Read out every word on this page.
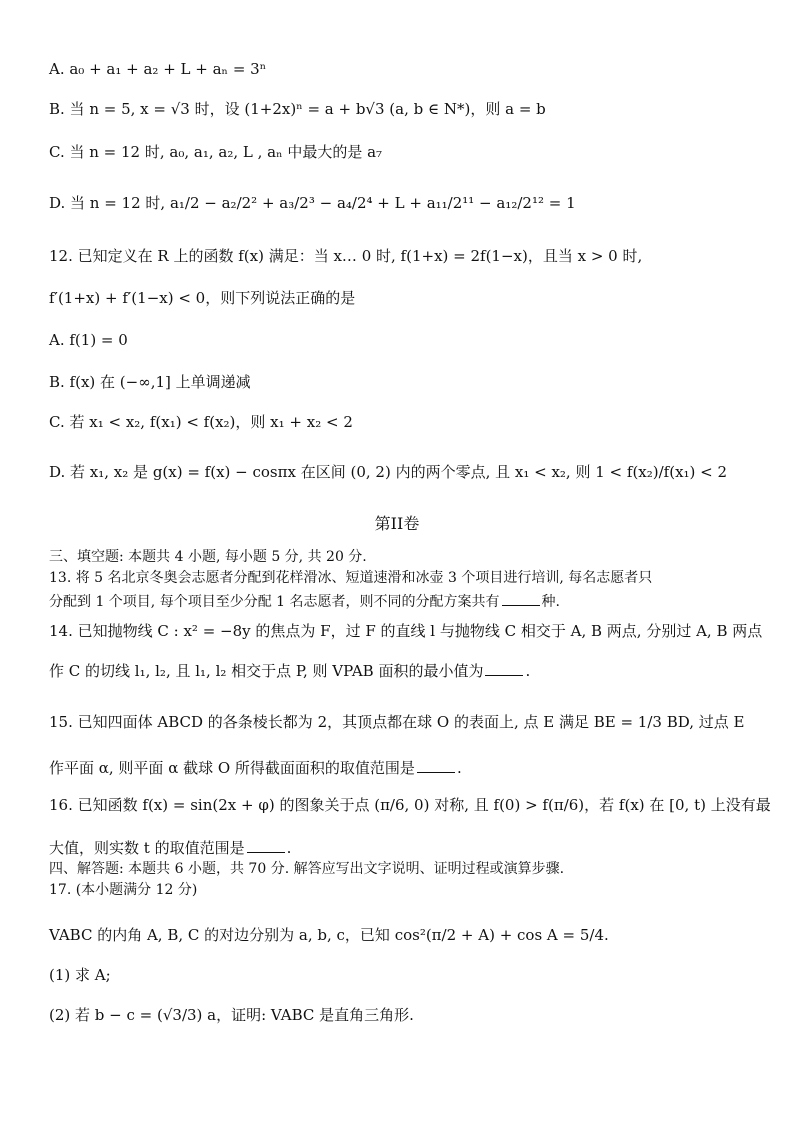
A. a₀ + a₁ + a₂ + L + aₙ = 3ⁿ
B. 当 n = 5, x = √3 时，设 (1+2x)ⁿ = a + b√3 (a, b ∈ N*)，则 a = b
C. 当 n = 12 时, a₀, a₁, a₂, L , aₙ 中最大的是 a₇
D. 当 n = 12 时, a₁/2 − a₂/2² + a₃/2³ − a₄/2⁴ + L + a₁₁/2¹¹ − a₁₂/2¹² = 1
12. 已知定义在 R 上的函数 f(x) 满足：当 x… 0 时, f(1+x) = 2f(1−x)，且当 x > 0 时,
f′(1+x) + f′(1−x) < 0，则下列说法正确的是
A. f(1) = 0
B. f(x) 在 (−∞,1] 上单调递减
C. 若 x₁ < x₂, f(x₁) < f(x₂)，则 x₁ + x₂ < 2
D. 若 x₁, x₂ 是 g(x) = f(x) − cosπx 在区间 (0, 2) 内的两个零点, 且 x₁ < x₂, 则 1 < f(x₂)/f(x₁) < 2
第II卷
三、填空题: 本题共 4 小题, 每小题 5 分, 共 20 分.
13. 将 5 名北京冬奥会志愿者分配到花样滑冰、短道速滑和冰壶 3 个项目进行培训, 每名志愿者只
分配到 1 个项目, 每个项目至少分配 1 名志愿者，则不同的分配方案共有	种.
14. 已知抛物线 C : x² = −8y 的焦点为 F，过 F 的直线 l 与抛物线 C 相交于 A, B 两点, 分别过 A, B 两点
作 C 的切线 l₁, l₂, 且 l₁, l₂ 相交于点 P, 则 VPAB 面积的最小值为	.
15. 已知四面体 ABCD 的各条棱长都为 2，其顶点都在球 O 的表面上, 点 E 满足 BE = 1/3 BD, 过点 E
作平面 α, 则平面 α 截球 O 所得截面面积的取值范围是	.
16. 已知函数 f(x) = sin(2x + φ) 的图象关于点 (π/6, 0) 对称, 且 f(0) > f(π/6)，若 f(x) 在 [0, t) 上没有最
大值，则实数 t 的取值范围是	.
四、解答题: 本题共 6 小题，共 70 分. 解答应写出文字说明、证明过程或演算步骤.
17. (本小题满分 12 分)
VABC 的内角 A, B, C 的对边分别为 a, b, c，已知 cos²(π/2 + A) + cos A = 5/4.
(1) 求 A;
(2) 若 b − c = (√3/3) a，证明: VABC 是直角三角形.
